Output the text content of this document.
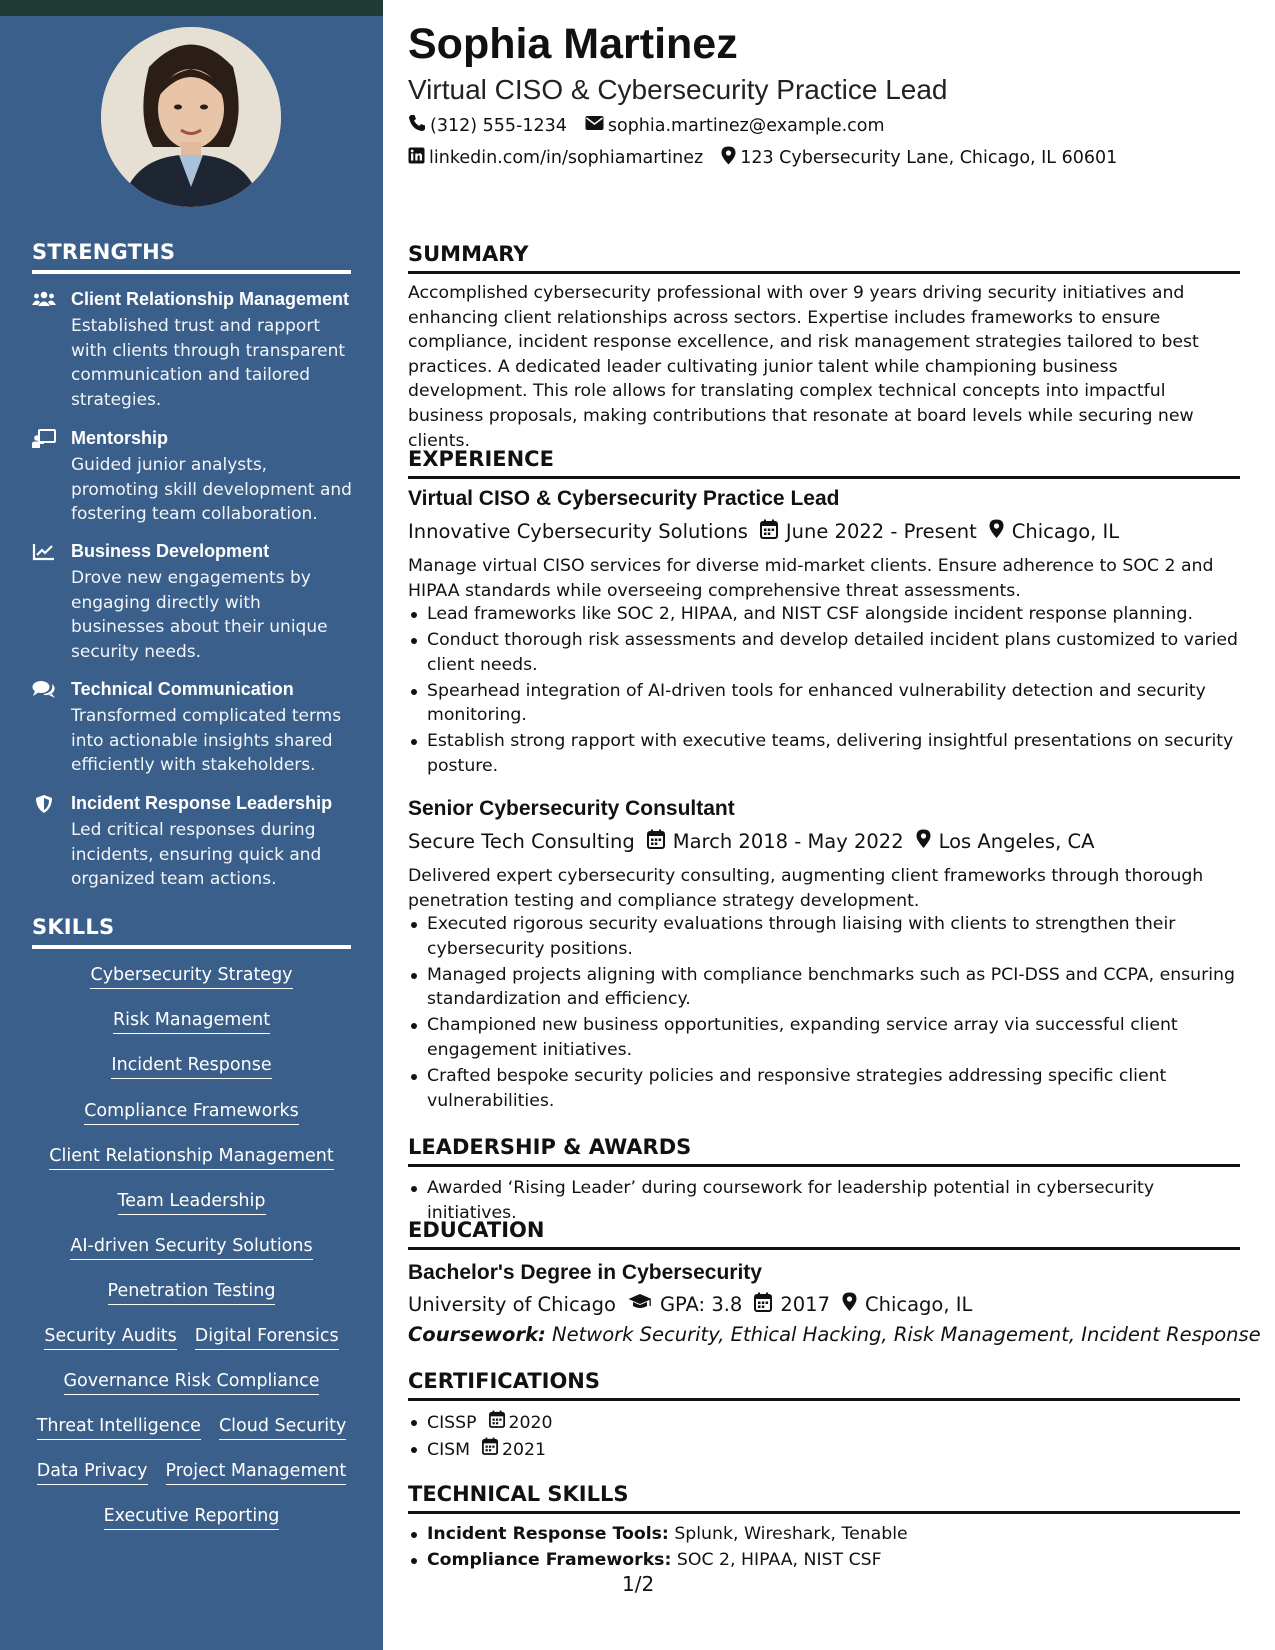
STRENGTHS
Client Relationship Management
Established trust and rapport with clients through transparent communication and tailored strategies.
Mentorship
Guided junior analysts, promoting skill development and fostering team collaboration.
Business Development
Drove new engagements by engaging directly with businesses about their unique security needs.
Technical Communication
Transformed complicated terms into actionable insights shared efficiently with stakeholders.
Incident Response Leadership
Led critical responses during incidents, ensuring quick and organized team actions.
SKILLS
Cybersecurity Strategy
Risk Management
Incident Response
Compliance Frameworks
Client Relationship Management
Team Leadership
AI-driven Security Solutions
Penetration Testing
Security Audits Digital Forensics
Governance Risk Compliance
Threat Intelligence Cloud Security
Data Privacy Project Management
Executive Reporting
Sophia Martinez
Virtual CISO & Cybersecurity Practice Lead
(312) 555-1234 sophia.martinez@example.com
linkedin.com/in/sophiamartinez 123 Cybersecurity Lane, Chicago, IL 60601
SUMMARY
Accomplished cybersecurity professional with over 9 years driving security initiatives and enhancing client relationships across sectors. Expertise includes frameworks to ensure compliance, incident response excellence, and risk management strategies tailored to best practices. A dedicated leader cultivating junior talent while championing business development. This role allows for translating complex technical concepts into impactful business proposals, making contributions that resonate at board levels while securing new clients.
EXPERIENCE
Virtual CISO & Cybersecurity Practice Lead
Innovative Cybersecurity Solutions June 2022 - Present Chicago, IL
Manage virtual CISO services for diverse mid-market clients. Ensure adherence to SOC 2 and HIPAA standards while overseeing comprehensive threat assessments.
Lead frameworks like SOC 2, HIPAA, and NIST CSF alongside incident response planning.
Conduct thorough risk assessments and develop detailed incident plans customized to varied client needs.
Spearhead integration of AI-driven tools for enhanced vulnerability detection and security monitoring.
Establish strong rapport with executive teams, delivering insightful presentations on security posture.
Senior Cybersecurity Consultant
Secure Tech Consulting March 2018 - May 2022 Los Angeles, CA
Delivered expert cybersecurity consulting, augmenting client frameworks through thorough penetration testing and compliance strategy development.
Executed rigorous security evaluations through liaising with clients to strengthen their cybersecurity positions.
Managed projects aligning with compliance benchmarks such as PCI-DSS and CCPA, ensuring standardization and efficiency.
Championed new business opportunities, expanding service array via successful client engagement initiatives.
Crafted bespoke security policies and responsive strategies addressing specific client vulnerabilities.
LEADERSHIP & AWARDS
Awarded ‘Rising Leader’ during coursework for leadership potential in cybersecurity initiatives.
EDUCATION
Bachelor's Degree in Cybersecurity
University of Chicago GPA: 3.8 2017 Chicago, IL
Coursework: Network Security, Ethical Hacking, Risk Management, Incident Response
CERTIFICATIONS
CISSP 2020
CISM 2021
TECHNICAL SKILLS
Incident Response Tools: Splunk, Wireshark, Tenable
Compliance Frameworks: SOC 2, HIPAA, NIST CSF
1/2
